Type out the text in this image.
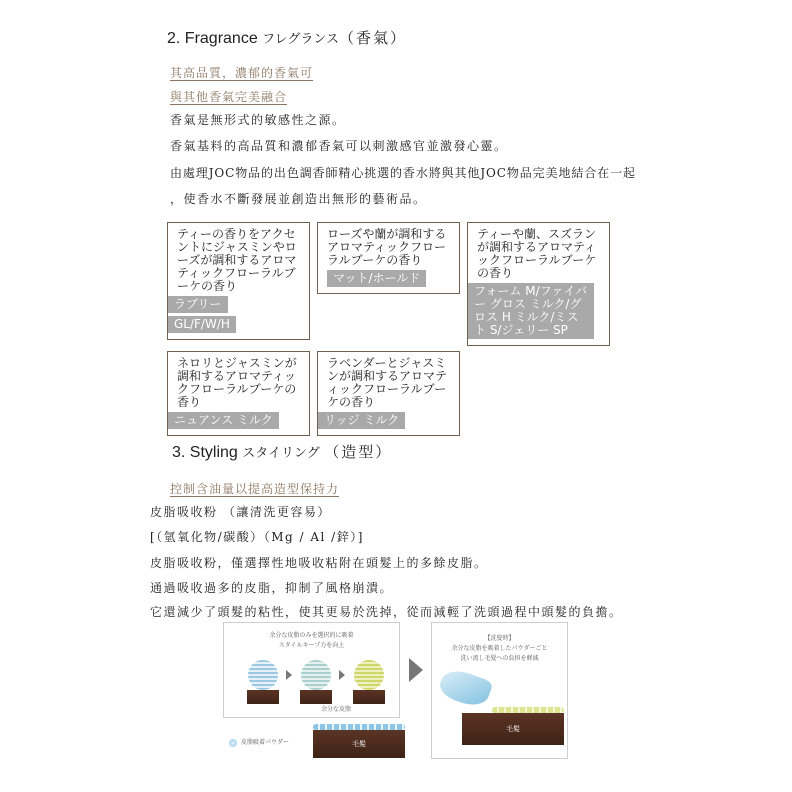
2. Fragrance フレグランス（香氣）
其高品質，濃郁的香氣可
與其他香氣完美融合
香氣是無形式的敏感性之源。
香氣基料的高品質和濃郁香氣可以刺激感官並激發心靈。
由處理JOC物品的出色調香師精心挑選的香水將與其他JOC物品完美地結合在一起
，使香水不斷發展並創造出無形的藝術品。
ティーの香りをアクセントにジャスミンやローズが調和するアロマティックフローラルブーケの香り
ラブリー
GL/F/W/H
ローズや蘭が調和するアロマティックフローラルブーケの香り
マット/ホールド
ティーや蘭、スズランが調和するアロマティックフローラルブーケの香り
フォーム M/ファイバー グロス ミルク/グロス H ミルク/ミスト S/ジェリー SP
ネロリとジャスミンが調和するアロマティックフローラルブーケの香り
ニュアンス ミルク
ラベンダーとジャスミンが調和するアロマティックフローラルブーケの香り
リッジ ミルク
3. Styling スタイリング （造型）
控制含油量以提高造型保持力
皮脂吸收粉 （讓清洗更容易）
[（氫氧化物/碳酸）（Mg / Al /鋅）]
皮脂吸收粉，僅選擇性地吸收粘附在頭髮上的多餘皮脂。
通過吸收過多的皮脂，抑制了風格崩潰。
它還減少了頭髮的粘性，使其更易於洗掉，從而減輕了洗頭過程中頭髮的負擔。
余分な皮脂のみを選択的に吸着
スタイルキープ力を向上
余分な皮脂
皮脂吸着パウダー	毛髪
【洗髪時】
余分な皮脂を吸着したパウダーごと
洗い流し毛髪への負担を軽減
毛髪
